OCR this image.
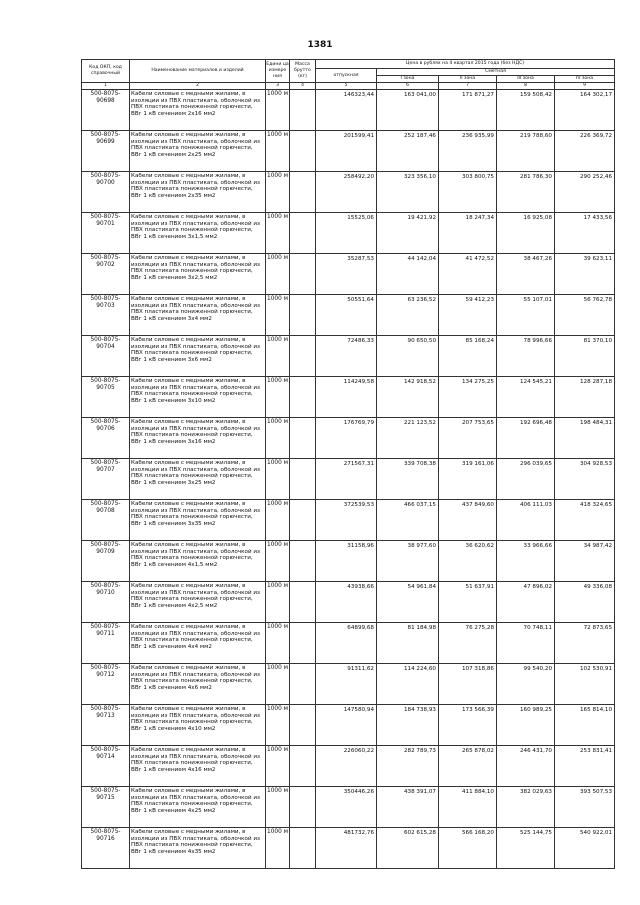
1381
Код ОКП, код справочный	Наименование материалов и изделий	Едини ца измере ния	Масса брутто (кг)	Цена в рублях на 4 квартал 2015 года (без НДС)				
				отпускная	Сметная			
					I зона	II зона	III зона	IV зона
1	2	3	4	5	6	7	8	9
500-8075-90698	Кабели силовые с медными жилами, в изоляции из ПВХ пластиката, оболочкой из ПВХ пластиката пониженной горючести, ВВг 1 кВ сечением 2х16 мм2	1000 м		146323,44	163 041,00	171 871,27	159 508,42	164 302,17
500-8075-90699	Кабели силовые с медными жилами, в изоляции из ПВХ пластиката, оболочкой из ПВХ пластиката пониженной горючести, ВВг 1 кВ сечением 2х25 мм2	1000 м		201599,41	252 187,46	236 935,99	219 788,60	226 369,72
500-8075-90700	Кабели силовые с медными жилами, в изоляции из ПВХ пластиката, оболочкой из ПВХ пластиката пониженной горючести, ВВг 1 кВ сечением 2х35 мм2	1000 м		258492,20	323 356,10	303 800,75	281 786,30	290 252,46
500-8075-90701	Кабели силовые с медными жилами, в изоляции из ПВХ пластиката, оболочкой из ПВХ пластиката пониженной горючести, ВВг 1 кВ сечением 3х1,5 мм2	1000 м		15525,06	19 421,92	18 247,34	16 925,08	17 433,56
500-8075-90702	Кабели силовые с медными жилами, в изоляции из ПВХ пластиката, оболочкой из ПВХ пластиката пониженной горючести, ВВг 1 кВ сечением 3х2,5 мм2	1000 м		35287,53	44 142,04	41 472,52	38 467,26	39 623,11
500-8075-90703	Кабели силовые с медными жилами, в изоляции из ПВХ пластиката, оболочкой из ПВХ пластиката пониженной горючести, ВВг 1 кВ сечением 3х4 мм2	1000 м		50551,64	63 236,52	59 412,23	55 107,01	56 762,78
500-8075-90704	Кабели силовые с медными жилами, в изоляции из ПВХ пластиката, оболочкой из ПВХ пластиката пониженной горючести, ВВг 1 кВ сечением 3х6 мм2	1000 м		72486,33	90 650,50	85 168,24	78 996,66	81 370,10
500-8075-90705	Кабели силовые с медными жилами, в изоляции из ПВХ пластиката, оболочкой из ПВХ пластиката пониженной горючести, ВВг 1 кВ сечением 3х10 мм2	1000 м		114249,58	142 918,52	134 275,25	124 545,21	128 287,18
500-8075-90706	Кабели силовые с медными жилами, в изоляции из ПВХ пластиката, оболочкой из ПВХ пластиката пониженной горючести, ВВг 1 кВ сечением 3х16 мм2	1000 м		176769,79	221 123,52	207 753,65	192 696,48	198 484,31
500-8075-90707	Кабели силовые с медными жилами, в изоляции из ПВХ пластиката, оболочкой из ПВХ пластиката пониженной горючести, ВВг 1 кВ сечением 3х25 мм2	1000 м		271567,31	339 708,38	319 161,06	296 039,65	304 928,53
500-8075-90708	Кабели силовые с медными жилами, в изоляции из ПВХ пластиката, оболочкой из ПВХ пластиката пониженной горючести, ВВг 1 кВ сечением 3х35 мм2	1000 м		372539,53	466 037,15	437 849,60	406 111,03	418 324,65
500-8075-90709	Кабели силовые с медными жилами, в изоляции из ПВХ пластиката, оболочкой из ПВХ пластиката пониженной горючести, ВВг 1 кВ сечением 4х1,5 мм2	1000 м		31158,96	38 977,60	36 620,62	33 966,66	34 987,42
500-8075-90710	Кабели силовые с медными жилами, в изоляции из ПВХ пластиката, оболочкой из ПВХ пластиката пониженной горючести, ВВг 1 кВ сечением 4х2,5 мм2	1000 м		43938,66	54 961,84	51 637,91	47 896,02	49 336,08
500-8075-90711	Кабели силовые с медными жилами, в изоляции из ПВХ пластиката, оболочкой из ПВХ пластиката пониженной горючести, ВВг 1 кВ сечением 4х4 мм2	1000 м		64899,68	81 184,98	76 275,28	70 748,11	72 873,65
500-8075-90712	Кабели силовые с медными жилами, в изоляции из ПВХ пластиката, оболочкой из ПВХ пластиката пониженной горючести, ВВг 1 кВ сечением 4х6 мм2	1000 м		91311,62	114 224,60	107 318,86	99 540,20	102 530,91
500-8075-90713	Кабели силовые с медными жилами, в изоляции из ПВХ пластиката, оболочкой из ПВХ пластиката пониженной горючести, ВВг 1 кВ сечением 4х10 мм2	1000 м		147580,94	184 738,93	173 566,39	160 989,25	165 814,10
500-8075-90714	Кабели силовые с медными жилами, в изоляции из ПВХ пластиката, оболочкой из ПВХ пластиката пониженной горючести, ВВг 1 кВ сечением 4х16 мм2	1000 м		226060,22	282 789,73	265 878,02	246 431,70	253 831,41
500-8075-90715	Кабели силовые с медными жилами, в изоляции из ПВХ пластиката, оболочкой из ПВХ пластиката пониженной горючести, ВВг 1 кВ сечением 4х25 мм2	1000 м		350446,26	438 391,07	411 884,10	382 029,63	393 507,53
500-8075-90716	Кабели силовые с медными жилами, в изоляции из ПВХ пластиката, оболочкой из ПВХ пластиката пониженной горючести, ВВг 1 кВ сечением 4х35 мм2	1000 м		481732,76	602 615,28	566 168,20	525 144,75	540 922,01
